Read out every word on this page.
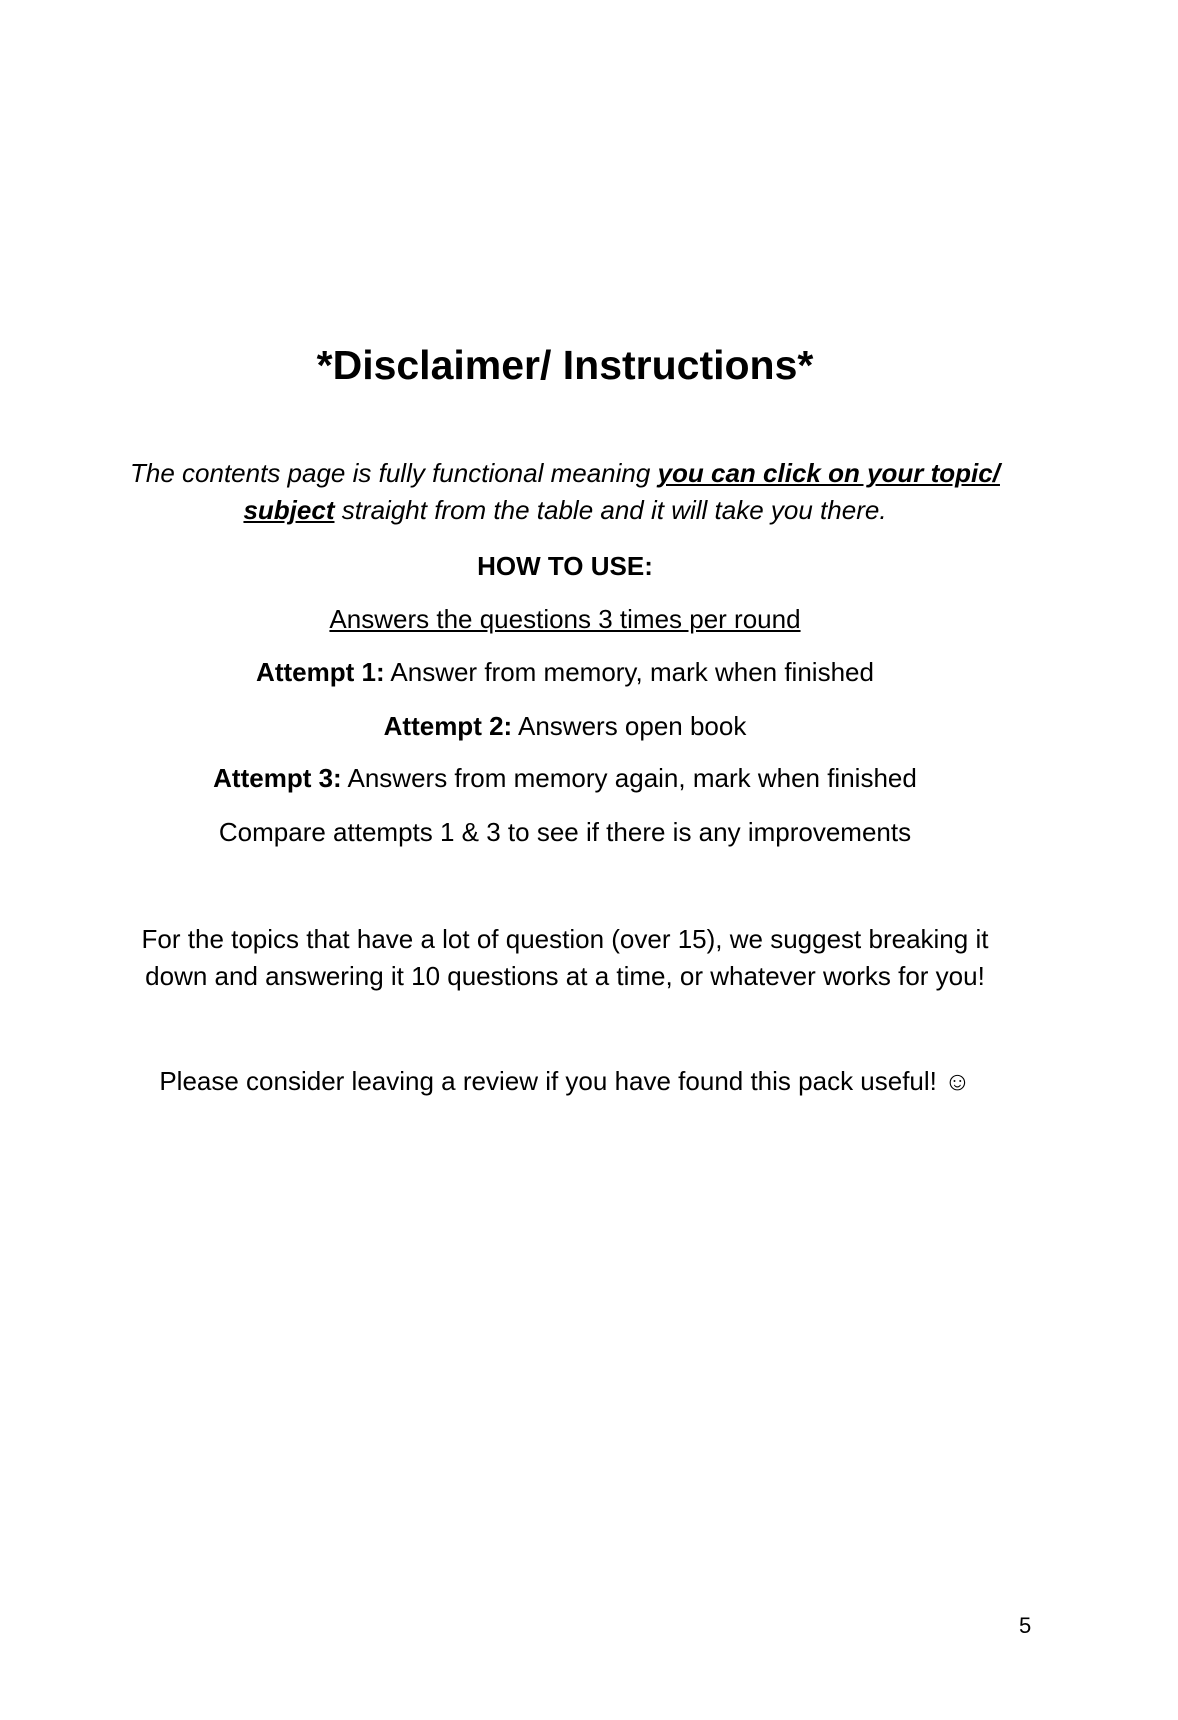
*Disclaimer/ Instructions*
The contents page is fully functional meaning you can click on your topic/
subject straight from the table and it will take you there.
HOW TO USE:
Answers the questions 3 times per round
Attempt 1: Answer from memory, mark when finished
Attempt 2: Answers open book
Attempt 3: Answers from memory again, mark when finished
Compare attempts 1 & 3 to see if there is any improvements
For the topics that have a lot of question (over 15), we suggest breaking it
down and answering it 10 questions at a time, or whatever works for you!
Please consider leaving a review if you have found this pack useful! ☺
5
